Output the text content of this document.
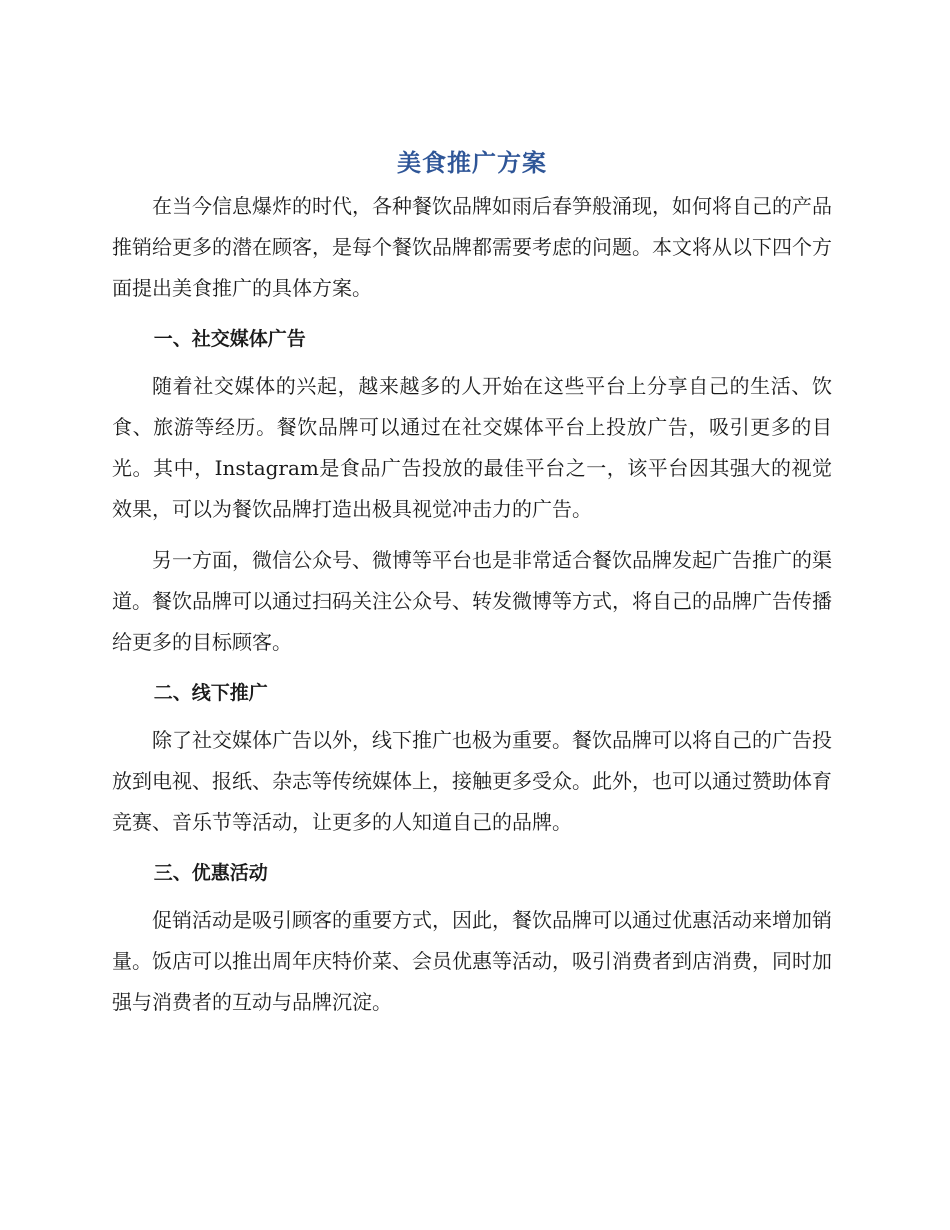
美食推广方案

在当今信息爆炸的时代，各种餐饮品牌如雨后春笋般涌现，如何将自己的产品推销给更多的潜在顾客，是每个餐饮品牌都需要考虑的问题。本文将从以下四个方面提出美食推广的具体方案。

一、社交媒体广告

随着社交媒体的兴起，越来越多的人开始在这些平台上分享自己的生活、饮食、旅游等经历。餐饮品牌可以通过在社交媒体平台上投放广告，吸引更多的目光。其中，Instagram是食品广告投放的最佳平台之一，该平台因其强大的视觉效果，可以为餐饮品牌打造出极具视觉冲击力的广告。

另一方面，微信公众号、微博等平台也是非常适合餐饮品牌发起广告推广的渠道。餐饮品牌可以通过扫码关注公众号、转发微博等方式，将自己的品牌广告传播给更多的目标顾客。

二、线下推广

除了社交媒体广告以外，线下推广也极为重要。餐饮品牌可以将自己的广告投放到电视、报纸、杂志等传统媒体上，接触更多受众。此外，也可以通过赞助体育竞赛、音乐节等活动，让更多的人知道自己的品牌。

三、优惠活动

促销活动是吸引顾客的重要方式，因此，餐饮品牌可以通过优惠活动来增加销量。饭店可以推出周年庆特价菜、会员优惠等活动，吸引消费者到店消费，同时加强与消费者的互动与品牌沉淀。
